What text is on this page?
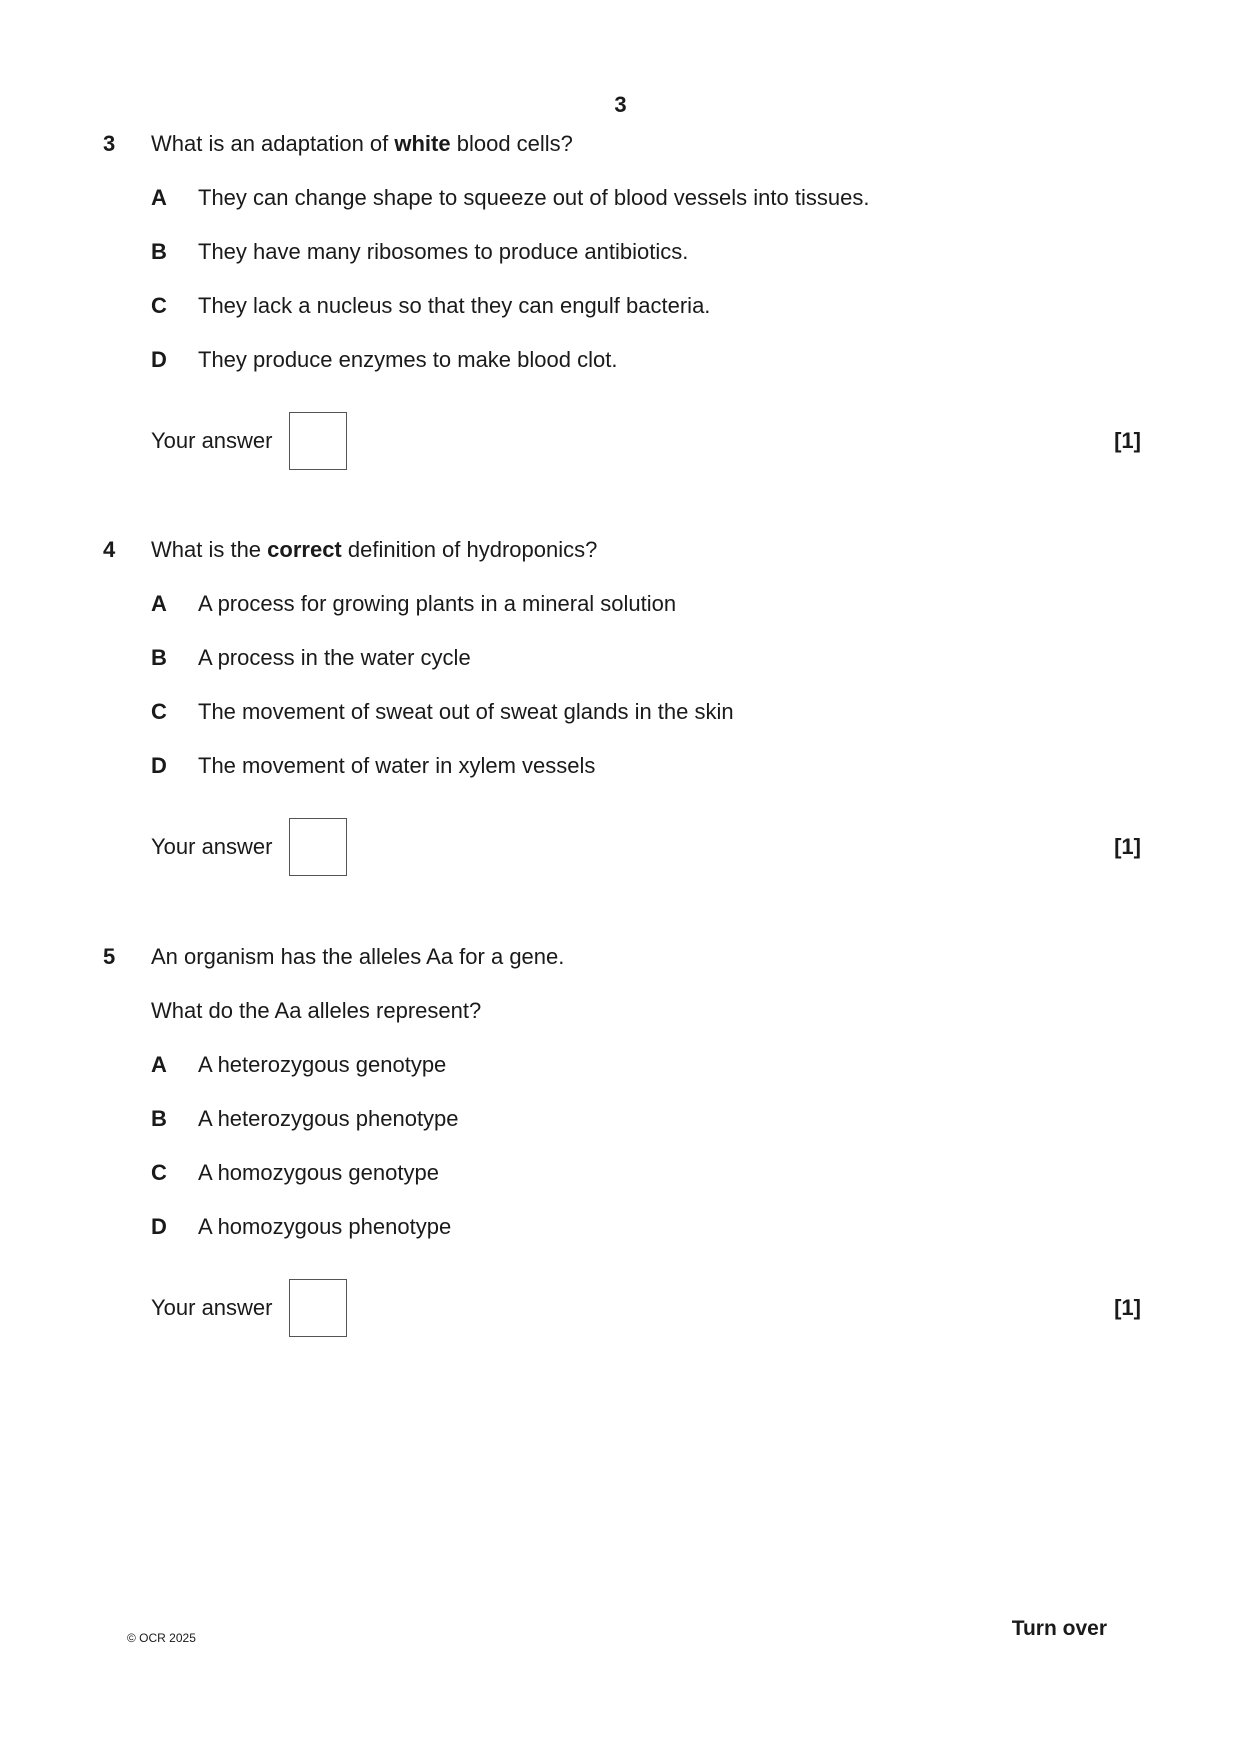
3
3 What is an adaptation of white blood cells?
A They can change shape to squeeze out of blood vessels into tissues.
B They have many ribosomes to produce antibiotics.
C They lack a nucleus so that they can engulf bacteria.
D They produce enzymes to make blood clot.
Your answer	[1]
4 What is the correct definition of hydroponics?
A A process for growing plants in a mineral solution
B A process in the water cycle
C The movement of sweat out of sweat glands in the skin
D The movement of water in xylem vessels
Your answer	[1]
5 An organism has the alleles Aa for a gene.
What do the Aa alleles represent?
A A heterozygous genotype
B A heterozygous phenotype
C A homozygous genotype
D A homozygous phenotype
Your answer	[1]
© OCR 2025	Turn over
